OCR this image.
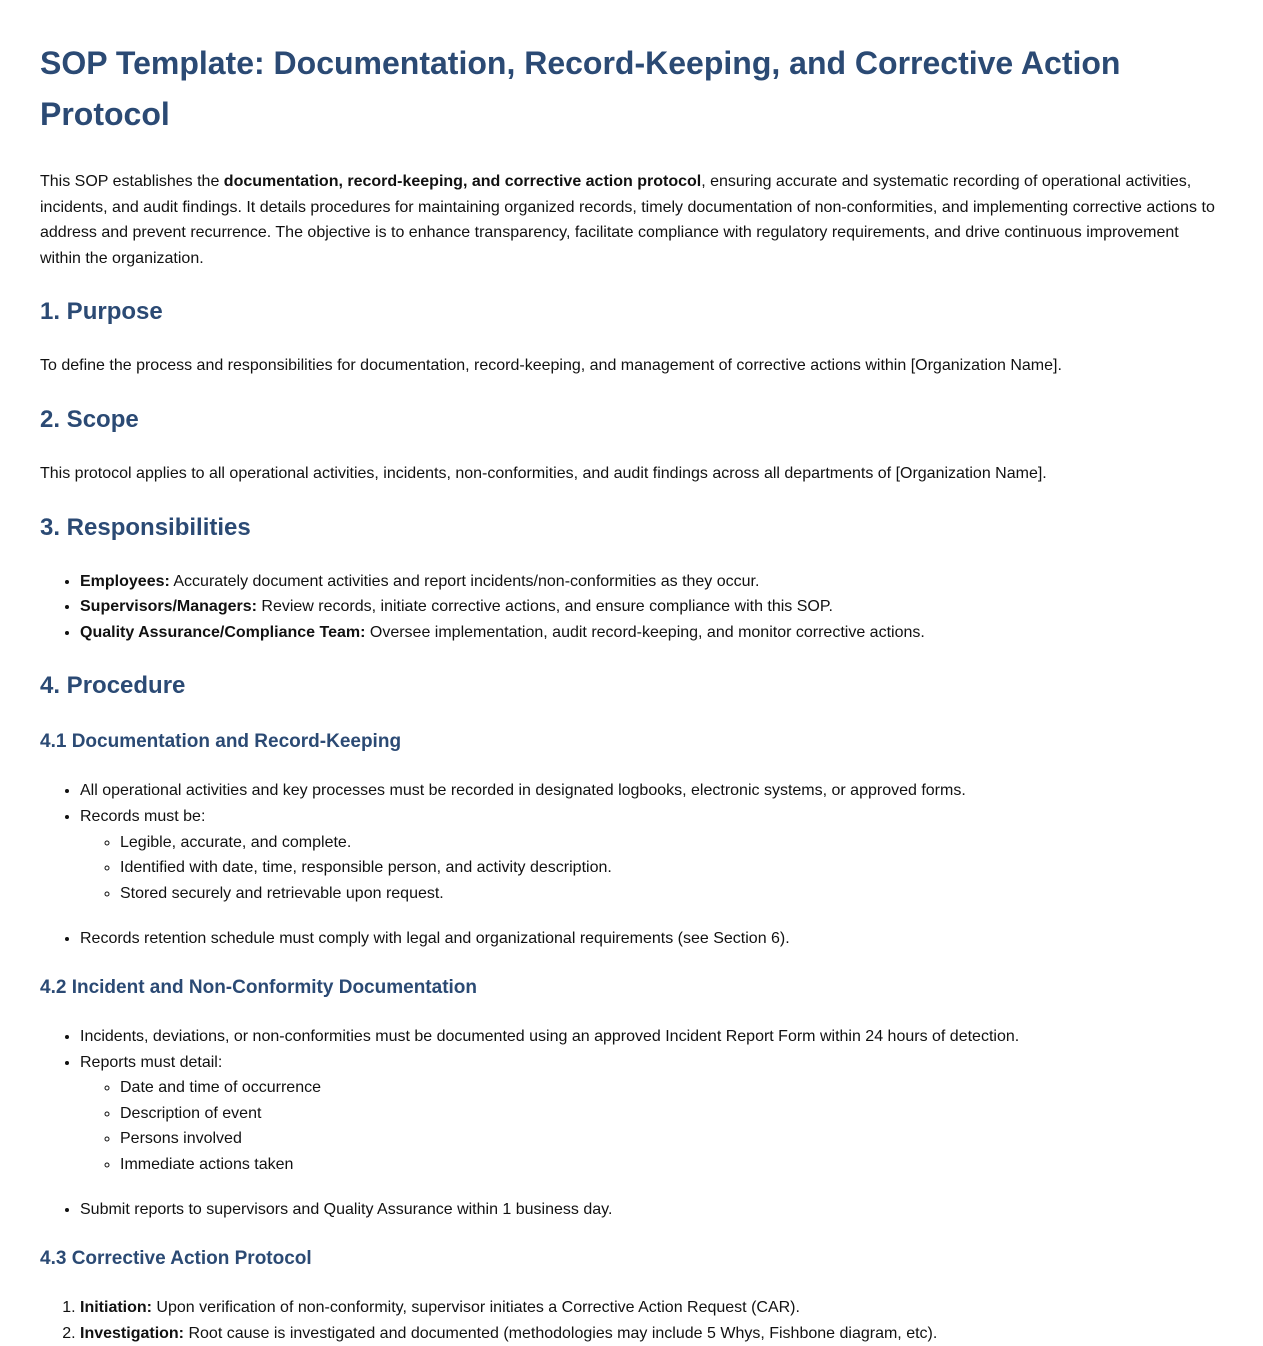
SOP Template: Documentation, Record-Keeping, and Corrective Action Protocol

This SOP establishes the documentation, record-keeping, and corrective action protocol, ensuring accurate and systematic recording of operational activities, incidents, and audit findings. It details procedures for maintaining organized records, timely documentation of non-conformities, and implementing corrective actions to address and prevent recurrence. The objective is to enhance transparency, facilitate compliance with regulatory requirements, and drive continuous improvement within the organization.

1. Purpose

To define the process and responsibilities for documentation, record-keeping, and management of corrective actions within [Organization Name].

2. Scope

This protocol applies to all operational activities, incidents, non-conformities, and audit findings across all departments of [Organization Name].

3. Responsibilities
• Employees: Accurately document activities and report incidents/non-conformities as they occur.
• Supervisors/Managers: Review records, initiate corrective actions, and ensure compliance with this SOP.
• Quality Assurance/Compliance Team: Oversee implementation, audit record-keeping, and monitor corrective actions.
4. Procedure
4.1 Documentation and Record-Keeping
• All operational activities and key processes must be recorded in designated logbooks, electronic systems, or approved forms.
• Records must be:
◦ Legible, accurate, and complete.
◦ Identified with date, time, responsible person, and activity description.
◦ Stored securely and retrievable upon request.
• Records retention schedule must comply with legal and organizational requirements (see Section 6).
4.2 Incident and Non-Conformity Documentation
• Incidents, deviations, or non-conformities must be documented using an approved Incident Report Form within 24 hours of detection.
• Reports must detail:
◦ Date and time of occurrence
◦ Description of event
◦ Persons involved
◦ Immediate actions taken
• Submit reports to supervisors and Quality Assurance within 1 business day.
4.3 Corrective Action Protocol
1. Initiation: Upon verification of non-conformity, supervisor initiates a Corrective Action Request (CAR).
2. Investigation: Root cause is investigated and documented (methodologies may include 5 Whys, Fishbone diagram, etc).
